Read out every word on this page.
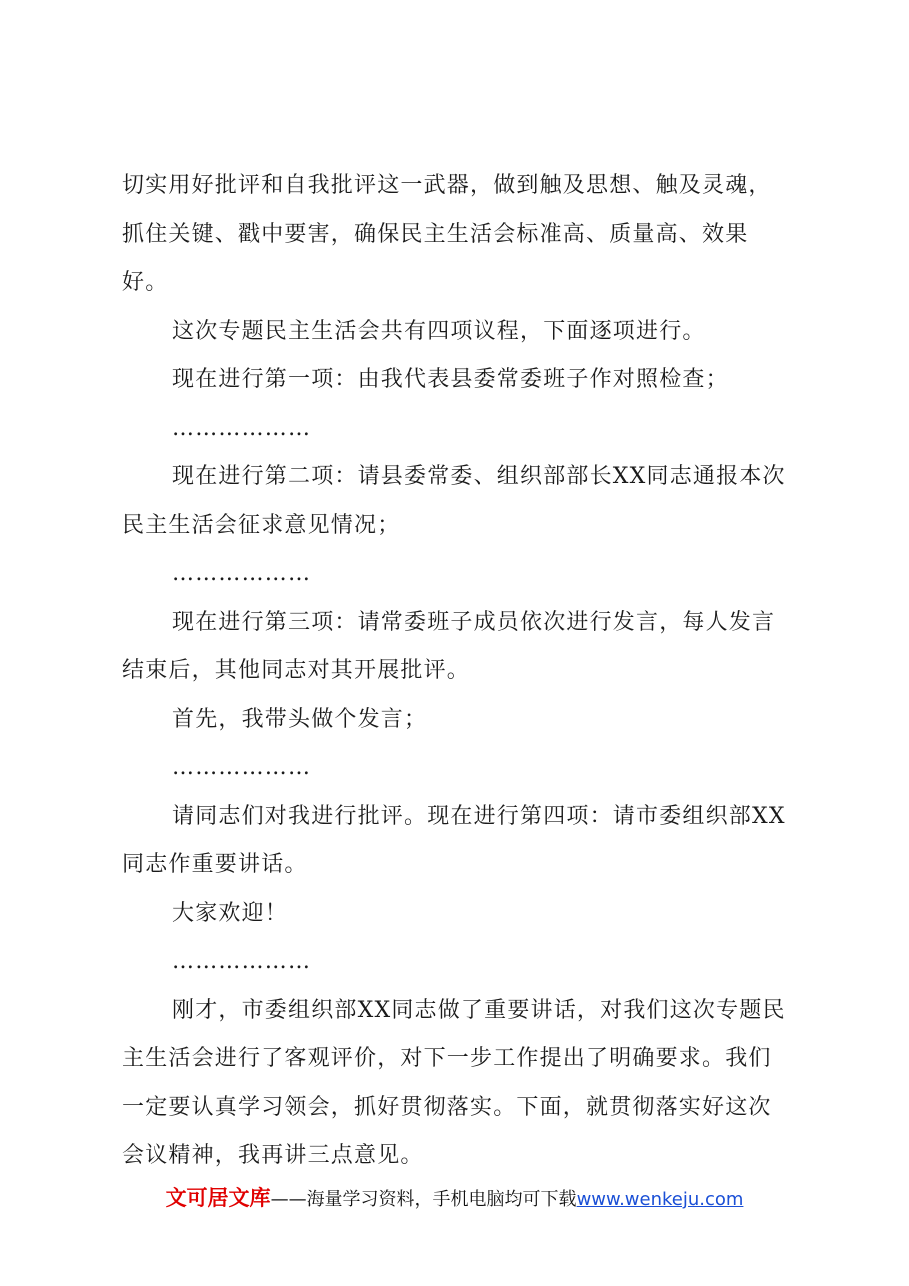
切实用好批评和自我批评这一武器，做到触及思想、触及灵魂，抓住关键、戳中要害，确保民主生活会标准高、质量高、效果好。

这次专题民主生活会共有四项议程，下面逐项进行。

现在进行第一项：由我代表县委常委班子作对照检查；

………………

现在进行第二项：请县委常委、组织部部长XX同志通报本次民主生活会征求意见情况；

………………

现在进行第三项：请常委班子成员依次进行发言，每人发言结束后，其他同志对其开展批评。

首先，我带头做个发言；

………………

请同志们对我进行批评。现在进行第四项：请市委组织部XX同志作重要讲话。

大家欢迎！

………………

刚才，市委组织部XX同志做了重要讲话，对我们这次专题民主生活会进行了客观评价，对下一步工作提出了明确要求。我们一定要认真学习领会，抓好贯彻落实。下面，就贯彻落实好这次会议精神，我再讲三点意见。

文可居文库——海量学习资料，手机电脑均可下载www.wenkeju.com
